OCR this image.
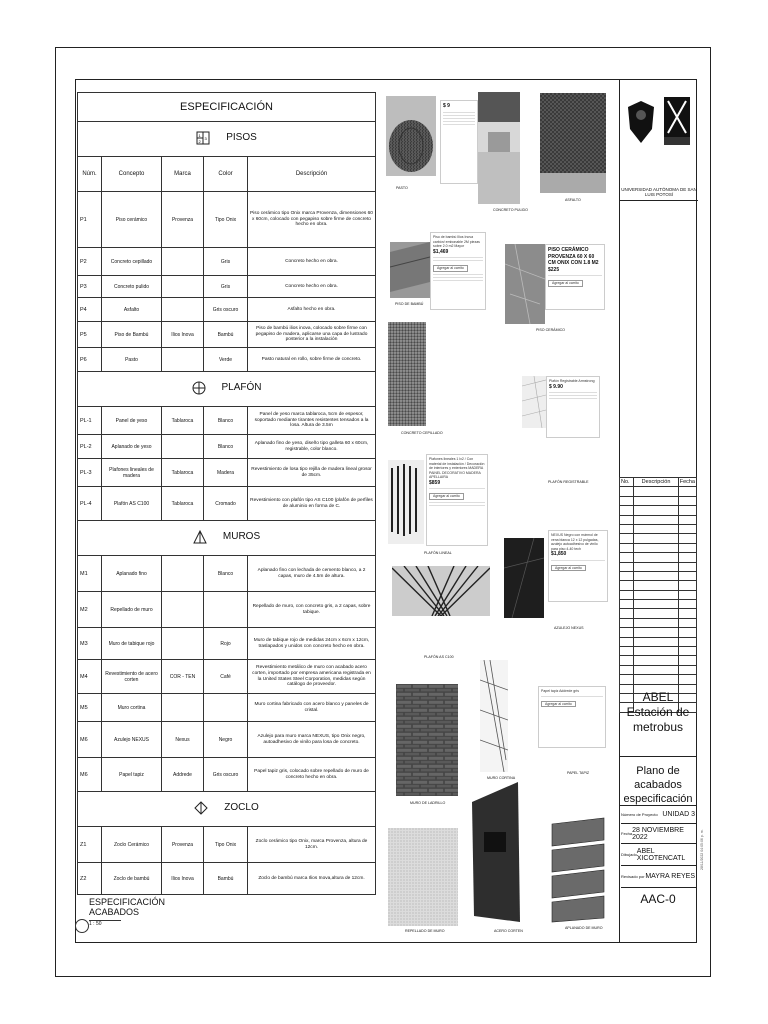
ESPECIFICACIÓN				

1
2
3 PISOS				

Núm.	Concepto	Marca	Color	Descripción
P1	Piso cerámico	Provenza	Tipo Onix	Piso cerámico tipo Onix marca Provenza, dimensiones 60 x 60cm, colocado con pegapiso sobre firme de concreto hecho en obra.
P2	Concreto cepillado		Gris	Concreto hecho en obra.
P3	Concreto pulido		Gris	Concreto hecho en obra.
P4	Asfalto		Gris oscuro	Asfalto hecho en obra.
P5	Piso de Bambú	Ilios Inova	Bambú	Piso de bambú ilios inova, colocado sobre firme con pegapiso de madera, aplicarse una capa de lustrado posterior a la instalación
P6	Pasto		Verde	Pasto natural en rollo, sobre firme de concreto.

PLAFÓN				

PL-1	Panel de yeso	Tablaroca	Blanco	Panel de yeso marca tablaroca, 5cm de espesor, soportado mediante tirantes resistentes tensados a la losa. Altura de 3.5m
PL-2	Aplanado de yeso		Blanco	Aplanado fino de yeso, diseño tipo galleta 60 x 60cm, registrable, color blanco.
PL-3	Plafones lineales de madera	Tablaroca	Madera	Revestimiento de losa tipo rejilla de madera lineal grosor de 35cm.
PL-4	Plafón AS C100	Tablaroca	Cromado	Revestimiento con plafón tipo AS C100 (plafón de perfiles de aluminio en forma de C.

MUROS				

M1	Aplanado fino		Blanco	Aplanado fino con lechada de cemento blanco, a 2 capas, muro de 4.5m de altura.
M2	Repellado de muro			Repellado de muro, con concreto gris, a 2 capas, sobre tabique.
M3	Muro de tabique rojo		Rojo	Muro de tabique rojo de medidas 24cm x 6cm x 12cm, traslapados y unidos con concreto hecho en obra.
M4	Revestimiento de acero corten	COR - TEN	Café	Revestimiento metálico de muro con acabado acero corten, importado por empresa americana registrada en la United States Steel Corporation, medidas según catálogo de proveedor.
M5	Muro cortina			Muro cortina fabricado con acero blanco y paneles de cristal.
M6	Azulejo NEXUS	Nexus	Negro	Azulejo para muro marca NEXUS, tipo Onix negro, autoadhesivo de vinilo para losa de concreto.
M6	Papel tapiz	Addrede	Gris oscuro	Papel tapiz gris, colocado sobre repellado de muro de concreto hecho en obra.

ZOCLO				

Z1	Zoclo Cerámico	Provenza	Tipo Onix	Zoclo cerámico tipo Onix, marca Provenza, altura de 12cm.
Z2	Zoclo de bambú	Ilios Inova	Bambú	Zoclo de bambú marca Ilios Inova,altura de 12cm.
ESPECIFICACIÓN
ACABADOS
1 : 50
PASTO
$ 9
CONCRETO PULIDO
ASFALTO
PISO DE BAMBÚ
Piso de bambú Ilios Inova carbón/ embonable 2M piezas sobre 2.0 m2 Mayor
$1,469
Agregar al carrito
PISO CERÁMICO
PISO CERÁMICO PROVENZA 60 X 60 CM ONIX CON 1.8 M2
$225
Agregar al carrito
CONCRETO CEPILLADO
Plafón Registrable Armstrong
$ 9.90
PLAFÓN REGISTRABLE
PLAFÓN LINEAL
Plafones lineales 1 lx2 / Con material de instalación / Decoración de interiores y exteriores MADERA PAINEL DECORATIVO MADERA APELLAIRA
$859
Agregar al carrito
NEXUS Negro con mármol de vena blanca 12 x 12 pulgadas, azulejo autoadhesivo de vinilo para piso 4-40 tech
$1,850
Agregar al carrito
AZULEJO NEXUS
PLAFÓN AS C100
MURO DE LADRILLO
MURO CORTINA
Papel tapiz Addrede gris
Agregar al carrito
PAPEL TAPIZ
REPELLADO DE MURO	ACERO CORTEN
APLANADO DE MURO
UNIVERSIDAD AUTÓNOMA DE SAN LUIS POTOSÍ
No.	Descripción	Fecha

ABEL
Estación de
metrobus
Plano de acabados
especificación
Número de Proyecto UNIDAD 3
Fecha 28 NOVIEMBRE 2022
Dibujado ABEL XICOTENCATL
Revisado por MAYRA REYES
AAC-0
28/11/2022 04:05:06 p. m.
